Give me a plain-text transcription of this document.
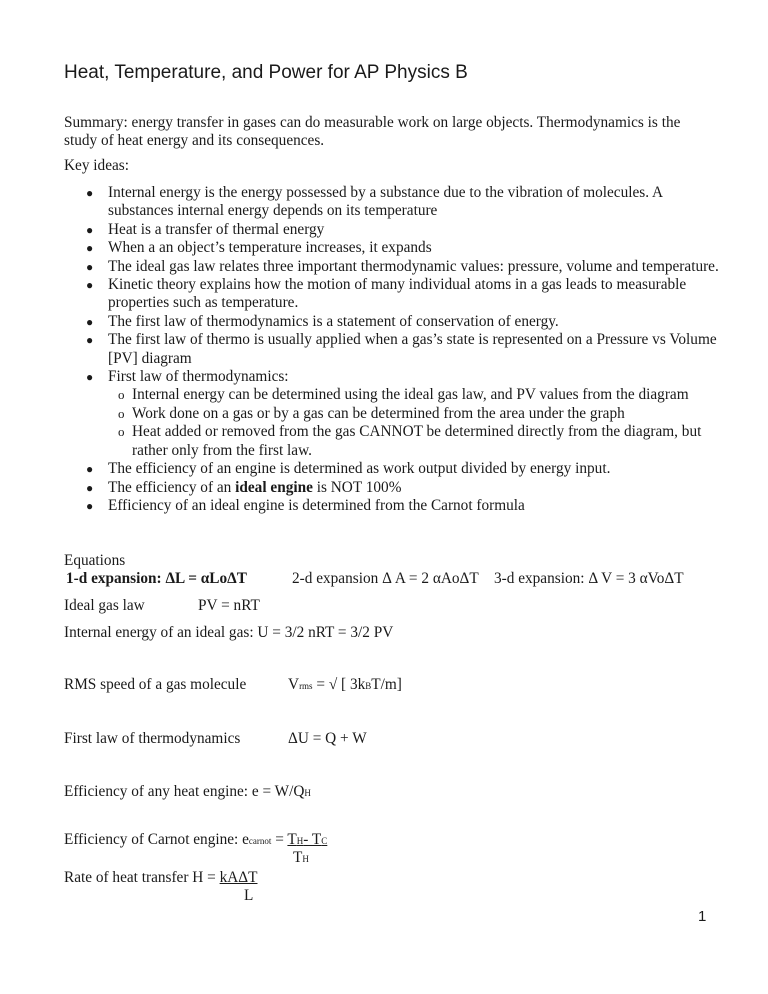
Heat, Temperature, and Power for AP Physics B
Summary: energy transfer in gases can do measurable work on large objects. Thermodynamics is the study of heat energy and its consequences.
Key ideas:
● Internal energy is the energy possessed by a substance due to the vibration of molecules. A substances internal energy depends on its temperature
● Heat is a transfer of thermal energy
● When a an object’s temperature increases, it expands
● The ideal gas law relates three important thermodynamic values: pressure, volume and temperature.
● Kinetic theory explains how the motion of many individual atoms in a gas leads to measurable properties such as temperature.
● The first law of thermodynamics is a statement of conservation of energy.
● The first law of thermo is usually applied when a gas’s state is represented on a Pressure vs Volume [PV] diagram
● First law of thermodynamics:
o Internal energy can be determined using the ideal gas law, and PV values from the diagram
o Work done on a gas or by a gas can be determined from the area under the graph
o Heat added or removed from the gas CANNOT be determined directly from the diagram, but rather only from the first law.
● The efficiency of an engine is determined as work output divided by energy input.
● The efficiency of an ideal engine is NOT 100%
● Efficiency of an ideal engine is determined from the Carnot formula
Equations
1-d expansion: ΔL = αLoΔT	2-d expansion Δ A = 2 αAoΔT 3-d expansion: Δ V = 3 αVoΔT
Ideal gas law	PV = nRT
Internal energy of an ideal gas: U = 3/2 nRT = 3/2 PV
RMS speed of a gas molecule	Vrms = √ [ 3kBT/m]
First law of thermodynamics	ΔU = Q + W
Efficiency of any heat engine: e = W/QH
Efficiency of Carnot engine: ecarnot = TH- TC
TH
Rate of heat transfer H = kAΔT
L
1
